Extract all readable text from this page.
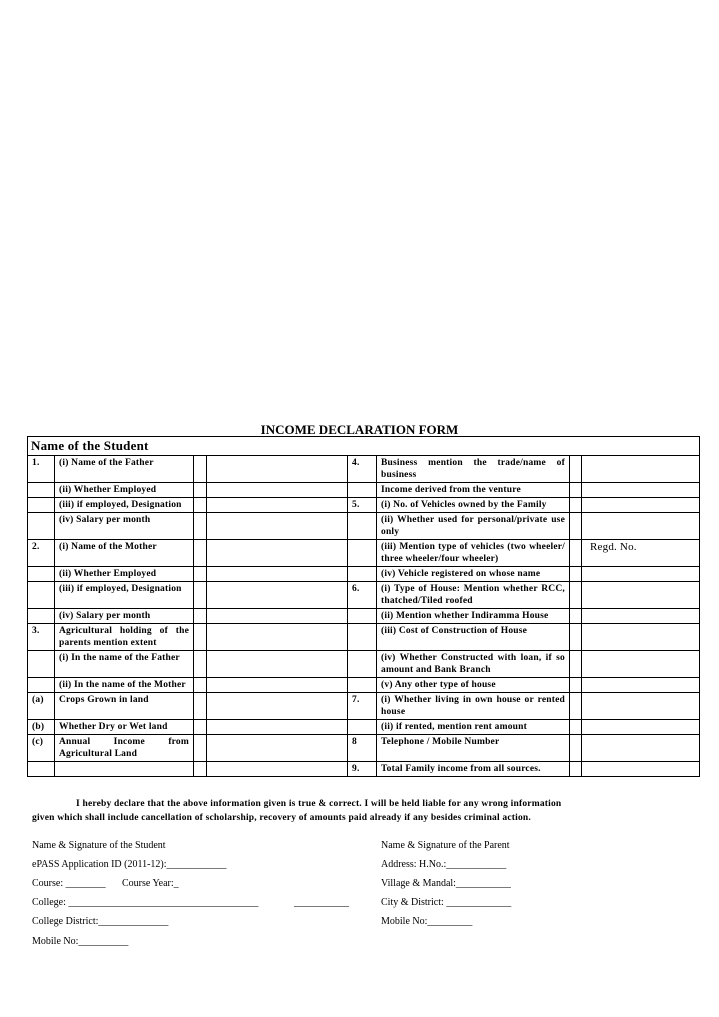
INCOME DECLARATION FORM
Name of the Student							
1.	(i) Name of the Father			4.	Business mention the trade/name of business		
	(ii) Whether Employed				Income derived from the venture		
	(iii) if employed, Designation			5.	(i) No. of Vehicles owned by the Family		
	(iv) Salary per month				(ii) Whether used for personal/private use only		
2.	(i) Name of the Mother				(iii) Mention type of vehicles (two wheeler/ three wheeler/four wheeler)		Regd. No.
	(ii) Whether Employed				(iv) Vehicle registered on whose name		
	(iii) if employed, Designation			6.	(i) Type of House: Mention whether RCC, thatched/Tiled roofed		
	(iv) Salary per month				(ii) Mention whether Indiramma House		
3.	Agricultural holding of the parents mention extent				(iii) Cost of Construction of House		
	(i) In the name of the Father				(iv) Whether Constructed with loan, if so amount and Bank Branch		
	(ii) In the name of the Mother				(v) Any other type of house		
(a)	Crops Grown in land			7.	(i) Whether living in own house or rented house		
(b)	Whether Dry or Wet land				(ii) if rented, mention rent amount		
(c)	Annual Income from Agricultural Land			8	Telephone / Mobile Number		
				9.	Total Family income from all sources.		
I hereby declare that the above information given is true & correct. I will be held liable for any wrong information
given which shall include cancellation of scholarship, recovery of amounts paid already if any besides criminal action.
Name & Signature of the Student
ePASS Application ID (2011-12):____________
Course: ________ Course Year:_
College: ______________________________________	___________
College District:______________
Mobile No:__________
Name & Signature of the Parent
Address: H.No.:____________
Village & Mandal:___________
City & District: _____________
Mobile No:_________
